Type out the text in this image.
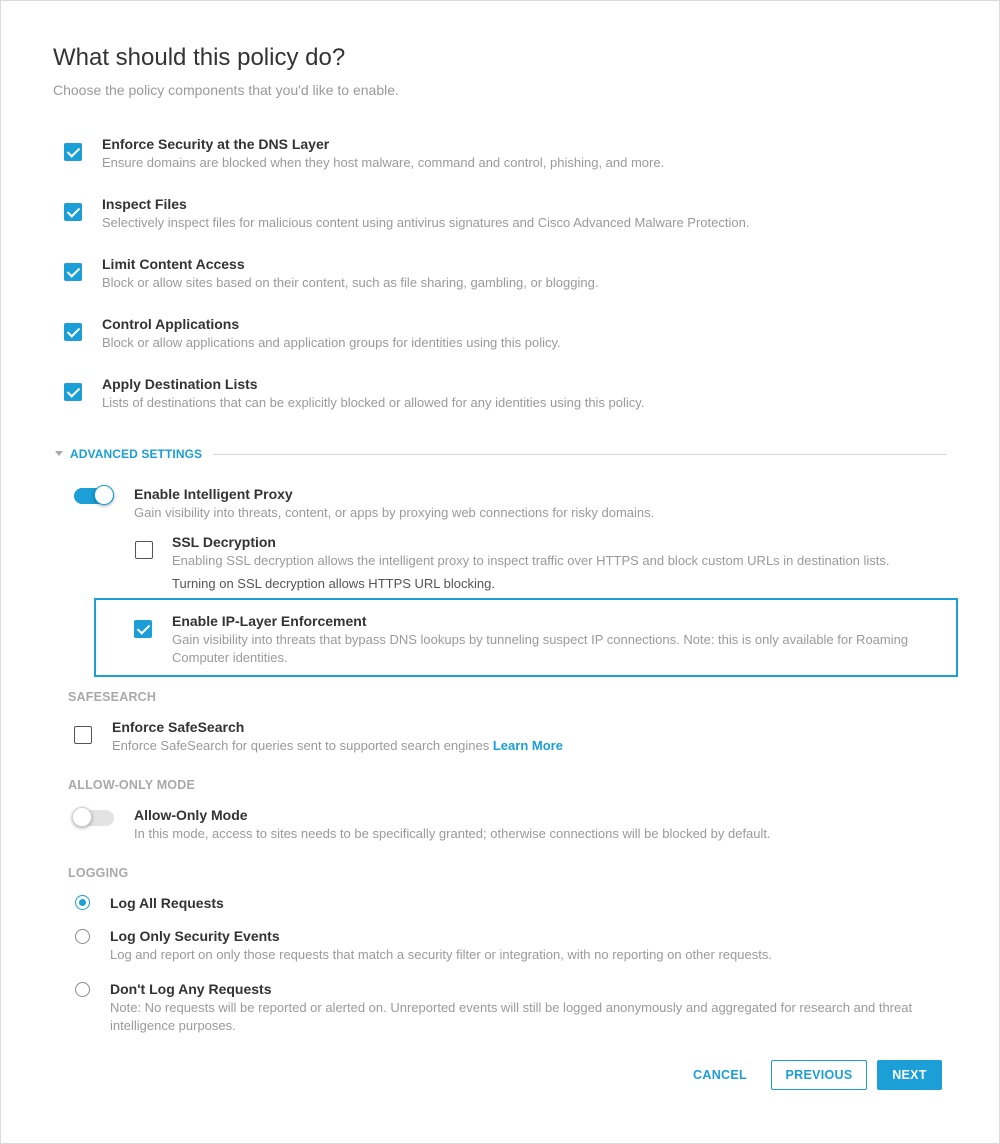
What should this policy do?
Choose the policy components that you'd like to enable.
Enforce Security at the DNS Layer
Ensure domains are blocked when they host malware, command and control, phishing, and more.
Inspect Files
Selectively inspect files for malicious content using antivirus signatures and Cisco Advanced Malware Protection.
Limit Content Access
Block or allow sites based on their content, such as file sharing, gambling, or blogging.
Control Applications
Block or allow applications and application groups for identities using this policy.
Apply Destination Lists
Lists of destinations that can be explicitly blocked or allowed for any identities using this policy.
ADVANCED SETTINGS
Enable Intelligent Proxy
Gain visibility into threats, content, or apps by proxying web connections for risky domains.
SSL Decryption
Enabling SSL decryption allows the intelligent proxy to inspect traffic over HTTPS and block custom URLs in destination lists.
Turning on SSL decryption allows HTTPS URL blocking.
Enable IP-Layer Enforcement
Gain visibility into threats that bypass DNS lookups by tunneling suspect IP connections. Note: this is only available for Roaming Computer identities.
SAFESEARCH
Enforce SafeSearch
Enforce SafeSearch for queries sent to supported search engines Learn More
ALLOW-ONLY MODE
Allow-Only Mode
In this mode, access to sites needs to be specifically granted; otherwise connections will be blocked by default.
LOGGING
Log All Requests
Log Only Security Events
Log and report on only those requests that match a security filter or integration, with no reporting on other requests.
Don't Log Any Requests
Note: No requests will be reported or alerted on. Unreported events will still be logged anonymously and aggregated for research and threat intelligence purposes.
CANCEL	PREVIOUS	NEXT
